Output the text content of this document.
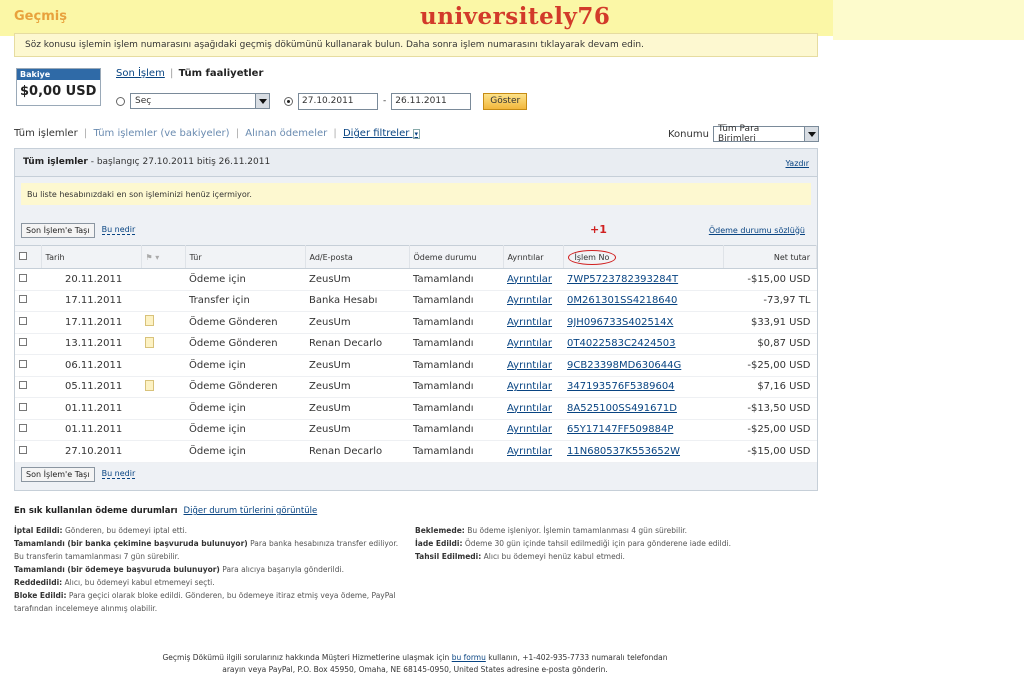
Geçmiş	universitely76
Söz konusu işlemin işlem numarasını aşağıdaki geçmiş dökümünü kullanarak bulun. Daha sonra işlem numarasını tıklayarak devam edin.
Bakiye
$0,00 USD
Son İşlem | Tüm faaliyetler
Seç	27.10.2011	-	26.11.2011	Göster
Tüm işlemler | Tüm işlemler (ve bakiyeler) | Alınan ödemeler | Diğer filtreler ▾	Konumu	Tüm Para Birimleri
Tüm işlemler - başlangıç 27.10.2011 bitiş 26.11.2011	Yazdır
Bu liste hesabınızdaki en son işleminizi henüz içermiyor.
Son İşlem'e Taşı	Bu nedir	Ödeme durumu sözlüğü
+1
	Tarih	⚑ ▾	Tür	Ad/E-posta	Ödeme durumu	Ayrıntılar	İşlem No	Net tutar
	20.11.2011		Ödeme için	ZeusUm	Tamamlandı	Ayrıntılar	7WP5723782393284T	-$15,00 USD
	17.11.2011		Transfer için	Banka Hesabı	Tamamlandı	Ayrıntılar	0M261301SS4218640	-73,97 TL
	17.11.2011		Ödeme Gönderen	ZeusUm	Tamamlandı	Ayrıntılar	9JH096733S402514X	$33,91 USD
	13.11.2011		Ödeme Gönderen	Renan Decarlo	Tamamlandı	Ayrıntılar	0T4022583C2424503	$0,87 USD
	06.11.2011		Ödeme için	ZeusUm	Tamamlandı	Ayrıntılar	9CB23398MD630644G	-$25,00 USD
	05.11.2011		Ödeme Gönderen	ZeusUm	Tamamlandı	Ayrıntılar	347193576F5389604	$7,16 USD
	01.11.2011		Ödeme için	ZeusUm	Tamamlandı	Ayrıntılar	8A525100SS491671D	-$13,50 USD
	01.11.2011		Ödeme için	ZeusUm	Tamamlandı	Ayrıntılar	65Y17147FF509884P	-$25,00 USD
	27.10.2011		Ödeme için	Renan Decarlo	Tamamlandı	Ayrıntılar	11N680537K553652W	-$15,00 USD
Son İşlem'e Taşı	Bu nedir
En sık kullanılan ödeme durumları Diğer durum türlerini görüntüle
İptal Edildi: Gönderen, bu ödemeyi iptal etti.
Tamamlandı (bir banka çekimine başvuruda bulunuyor) Para banka hesabınıza transfer ediliyor. Bu transferin tamamlanması 7 gün sürebilir.
Tamamlandı (bir ödemeye başvuruda bulunuyor) Para alıcıya başarıyla gönderildi.
Reddedildi: Alıcı, bu ödemeyi kabul etmemeyi seçti.
Bloke Edildi: Para geçici olarak bloke edildi. Gönderen, bu ödemeye itiraz etmiş veya ödeme, PayPal tarafından incelemeye alınmış olabilir.
Beklemede: Bu ödeme işleniyor. İşlemin tamamlanması 4 gün sürebilir.
İade Edildi: Ödeme 30 gün içinde tahsil edilmediği için para gönderene iade edildi.
Tahsil Edilmedi: Alıcı bu ödemeyi henüz kabul etmedi.
Geçmiş Dökümü ilgili sorularınız hakkında Müşteri Hizmetlerine ulaşmak için bu formu kullanın, +1-402-935-7733 numaralı telefondan
arayın veya PayPal, P.O. Box 45950, Omaha, NE 68145-0950, United States adresine e-posta gönderin.
